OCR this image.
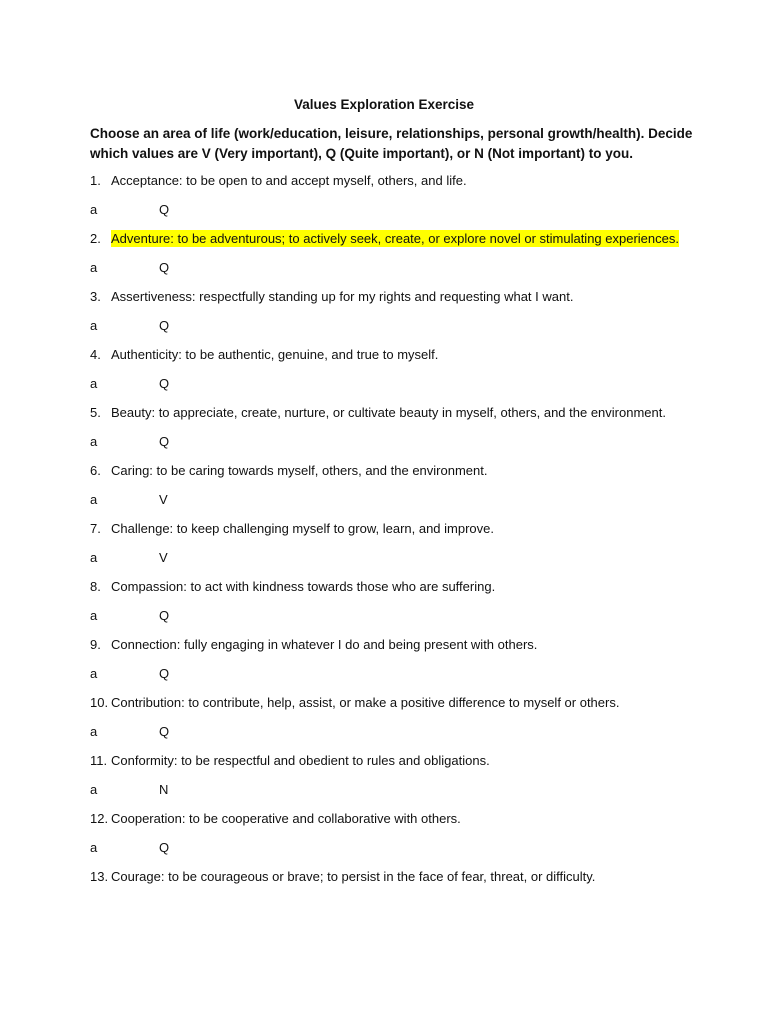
Values Exploration Exercise
Choose an area of life (work/education, leisure, relationships, personal growth/health). Decide
which values are V (Very important), Q (Quite important), or N (Not important) to you.
1. Acceptance: to be open to and accept myself, others, and life.
a	Q
2. Adventure: to be adventurous; to actively seek, create, or explore novel or stimulating experiences.
a	Q
3. Assertiveness: respectfully standing up for my rights and requesting what I want.
a	Q
4. Authenticity: to be authentic, genuine, and true to myself.
a	Q
5. Beauty: to appreciate, create, nurture, or cultivate beauty in myself, others, and the environment.
a	Q
6. Caring: to be caring towards myself, others, and the environment.
a	V
7. Challenge: to keep challenging myself to grow, learn, and improve.
a	V
8. Compassion: to act with kindness towards those who are suffering.
a	Q
9. Connection: fully engaging in whatever I do and being present with others.
a	Q
10. Contribution: to contribute, help, assist, or make a positive difference to myself or others.
a	Q
11. Conformity: to be respectful and obedient to rules and obligations.
a	N
12. Cooperation: to be cooperative and collaborative with others.
a	Q
13. Courage: to be courageous or brave; to persist in the face of fear, threat, or difficulty.
